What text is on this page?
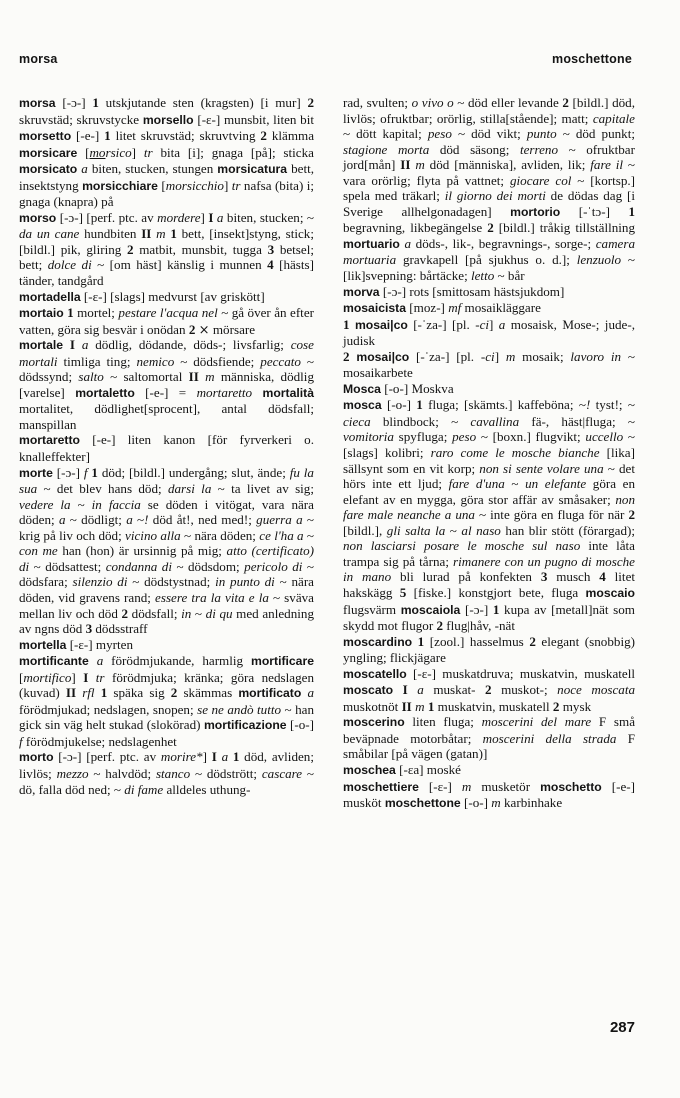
morsa	moschettone

morsa [-ɔ-] 1 utskjutande sten (kragsten) [i mur] 2 skruvstäd; skruvstycke morsello [-ɛ-] munsbit, liten bit morsetto [-e-] 1 litet skruvstäd; skruvtving 2 klämma morsicare [morsico] tr bita [i]; gnaga [på]; sticka morsicato a biten, stucken, stungen morsicatura bett, insektstyng morsicchiare [morsicchio] tr nafsa (bita) i; gnaga (knapra) på
morso [-ɔ-] [perf. ptc. av mordere] I a biten, stucken; ~ da un cane hundbiten II m 1 bett, [insekt]styng, stick; [bildl.] pik, gliring 2 matbit, munsbit, tugga 3 betsel; bett; dolce di ~ [om häst] känslig i munnen 4 [hästs] tänder, tandgård
mortadella [-ɛ-] [slags] medvurst [av griskött]
mortaio 1 mortel; pestare l'acqua nel ~ gå över ån efter vatten, göra sig besvär i onödan 2 ⨯ mörsare
mortale I a dödlig, dödande, döds-; livsfarlig; cose mortali timliga ting; nemico ~ dödsfiende; peccato ~ dödssynd; salto ~ saltomortal II m människa, dödlig [varelse] mortaletto [-e-] = mortaretto mortalità mortalitet, dödlighet[sprocent], antal dödsfall; manspillan
mortaretto [-e-] liten kanon [för fyrverkeri o. knalleffekter]
morte [-ɔ-] f 1 död; [bildl.] undergång; slut, ände; fu la sua ~ det blev hans död; darsi la ~ ta livet av sig; vedere la ~ in faccia se döden i vitögat, vara nära döden; a ~ dödligt; a ~! död åt!, ned med!; guerra a ~ krig på liv och död; vicino alla ~ nära döden; ce l'ha a ~ con me han (hon) är ursinnig på mig; atto (certificato) di ~ dödsattest; condanna di ~ dödsdom; pericolo di ~ dödsfara; silenzio di ~ dödstystnad; in punto di ~ nära döden, vid gravens rand; essere tra la vita e la ~ sväva mellan liv och död 2 dödsfall; in ~ di qu med anledning av ngns död 3 dödsstraff
mortella [-ɛ-] myrten
mortificante a förödmjukande, harmlig mortificare [mortifico] I tr förödmjuka; kränka; göra nedslagen (kuvad) II rfl 1 späka sig 2 skämmas mortificato a förödmjukad; nedslagen, snopen; se ne andò tutto ~ han gick sin väg helt stukad (slokörad) mortificazione [-o-] f förödmjukelse; nedslagenhet
morto [-ɔ-] [perf. ptc. av morire*] I a 1 död, avliden; livlös; mezzo ~ halvdöd; stanco ~ dödstrött; cascare ~ dö, falla död ned; ~ di fame alldeles uthung-

rad, svulten; o vivo o ~ död eller levande 2 [bildl.] död, livlös; ofruktbar; orörlig, stilla[stående]; matt; capitale ~ dött kapital; peso ~ död vikt; punto ~ död punkt; stagione morta död säsong; terreno ~ ofruktbar jord[mån] II m död [människa], avliden, lik; fare il ~ vara orörlig; flyta på vattnet; giocare col ~ [kortsp.] spela med träkarl; il giorno dei morti de dödas dag [i Sverige allhelgonadagen] mortorio [-ˈtɔ-] 1 begravning, likbegängelse 2 [bildl.] tråkig tillställning mortuario a döds-, lik-, begravnings-, sorge-; camera mortuaria gravkapell [på sjukhus o. d.]; lenzuolo ~ [lik]svepning: bårtäcke; letto ~ bår
morva [-ɔ-] rots [smittosam hästsjukdom]
mosaicista [moz-] mf mosaikläggare
1 mosai|co [-ˈza-] [pl. -ci] a mosaisk, Mose-; jude-, judisk
2 mosai|co [-ˈza-] [pl. -ci] m mosaik; lavoro in ~ mosaikarbete
Mosca [-o-] Moskva
mosca [-o-] 1 fluga; [skämts.] kaffeböna; ~! tyst!; ~ cieca blindbock; ~ cavallina fä-, häst|fluga; ~ vomitoria spyfluga; peso ~ [boxn.] flugvikt; uccello ~ [slags] kolibri; raro come le mosche bianche [lika] sällsynt som en vit korp; non si sente volare una ~ det hörs inte ett ljud; fare d'una ~ un elefante göra en elefant av en mygga, göra stor affär av småsaker; non fare male neanche a una ~ inte göra en fluga för när 2 [bildl.], gli salta la ~ al naso han blir stött (förargad); non lasciarsi posare le mosche sul naso inte låta trampa sig på tårna; rimanere con un pugno di mosche in mano bli lurad på konfekten 3 musch 4 litet hakskägg 5 [fiske.] konstgjort bete, fluga moscaio flugsvärm moscaiola [-ɔ-] 1 kupa av [metall]nät som skydd mot flugor 2 flug|håv, -nät
moscardino 1 [zool.] hasselmus 2 elegant (snobbig) yngling; flickjägare
moscatello [-ɛ-] muskatdruva; muskatvin, muskatell moscato I a muskat- 2 muskot-; noce moscata muskotnöt II m 1 muskatvin, muskatell 2 mysk
moscerino liten fluga; moscerini del mare F små beväpnade motorbåtar; moscerini della strada F småbilar [på vägen (gatan)]
moschea [-ɛa] moské
moschettiere [-ɛ-] m musketör moschetto [-e-] musköt moschettone [-o-] m karbinhake

287
